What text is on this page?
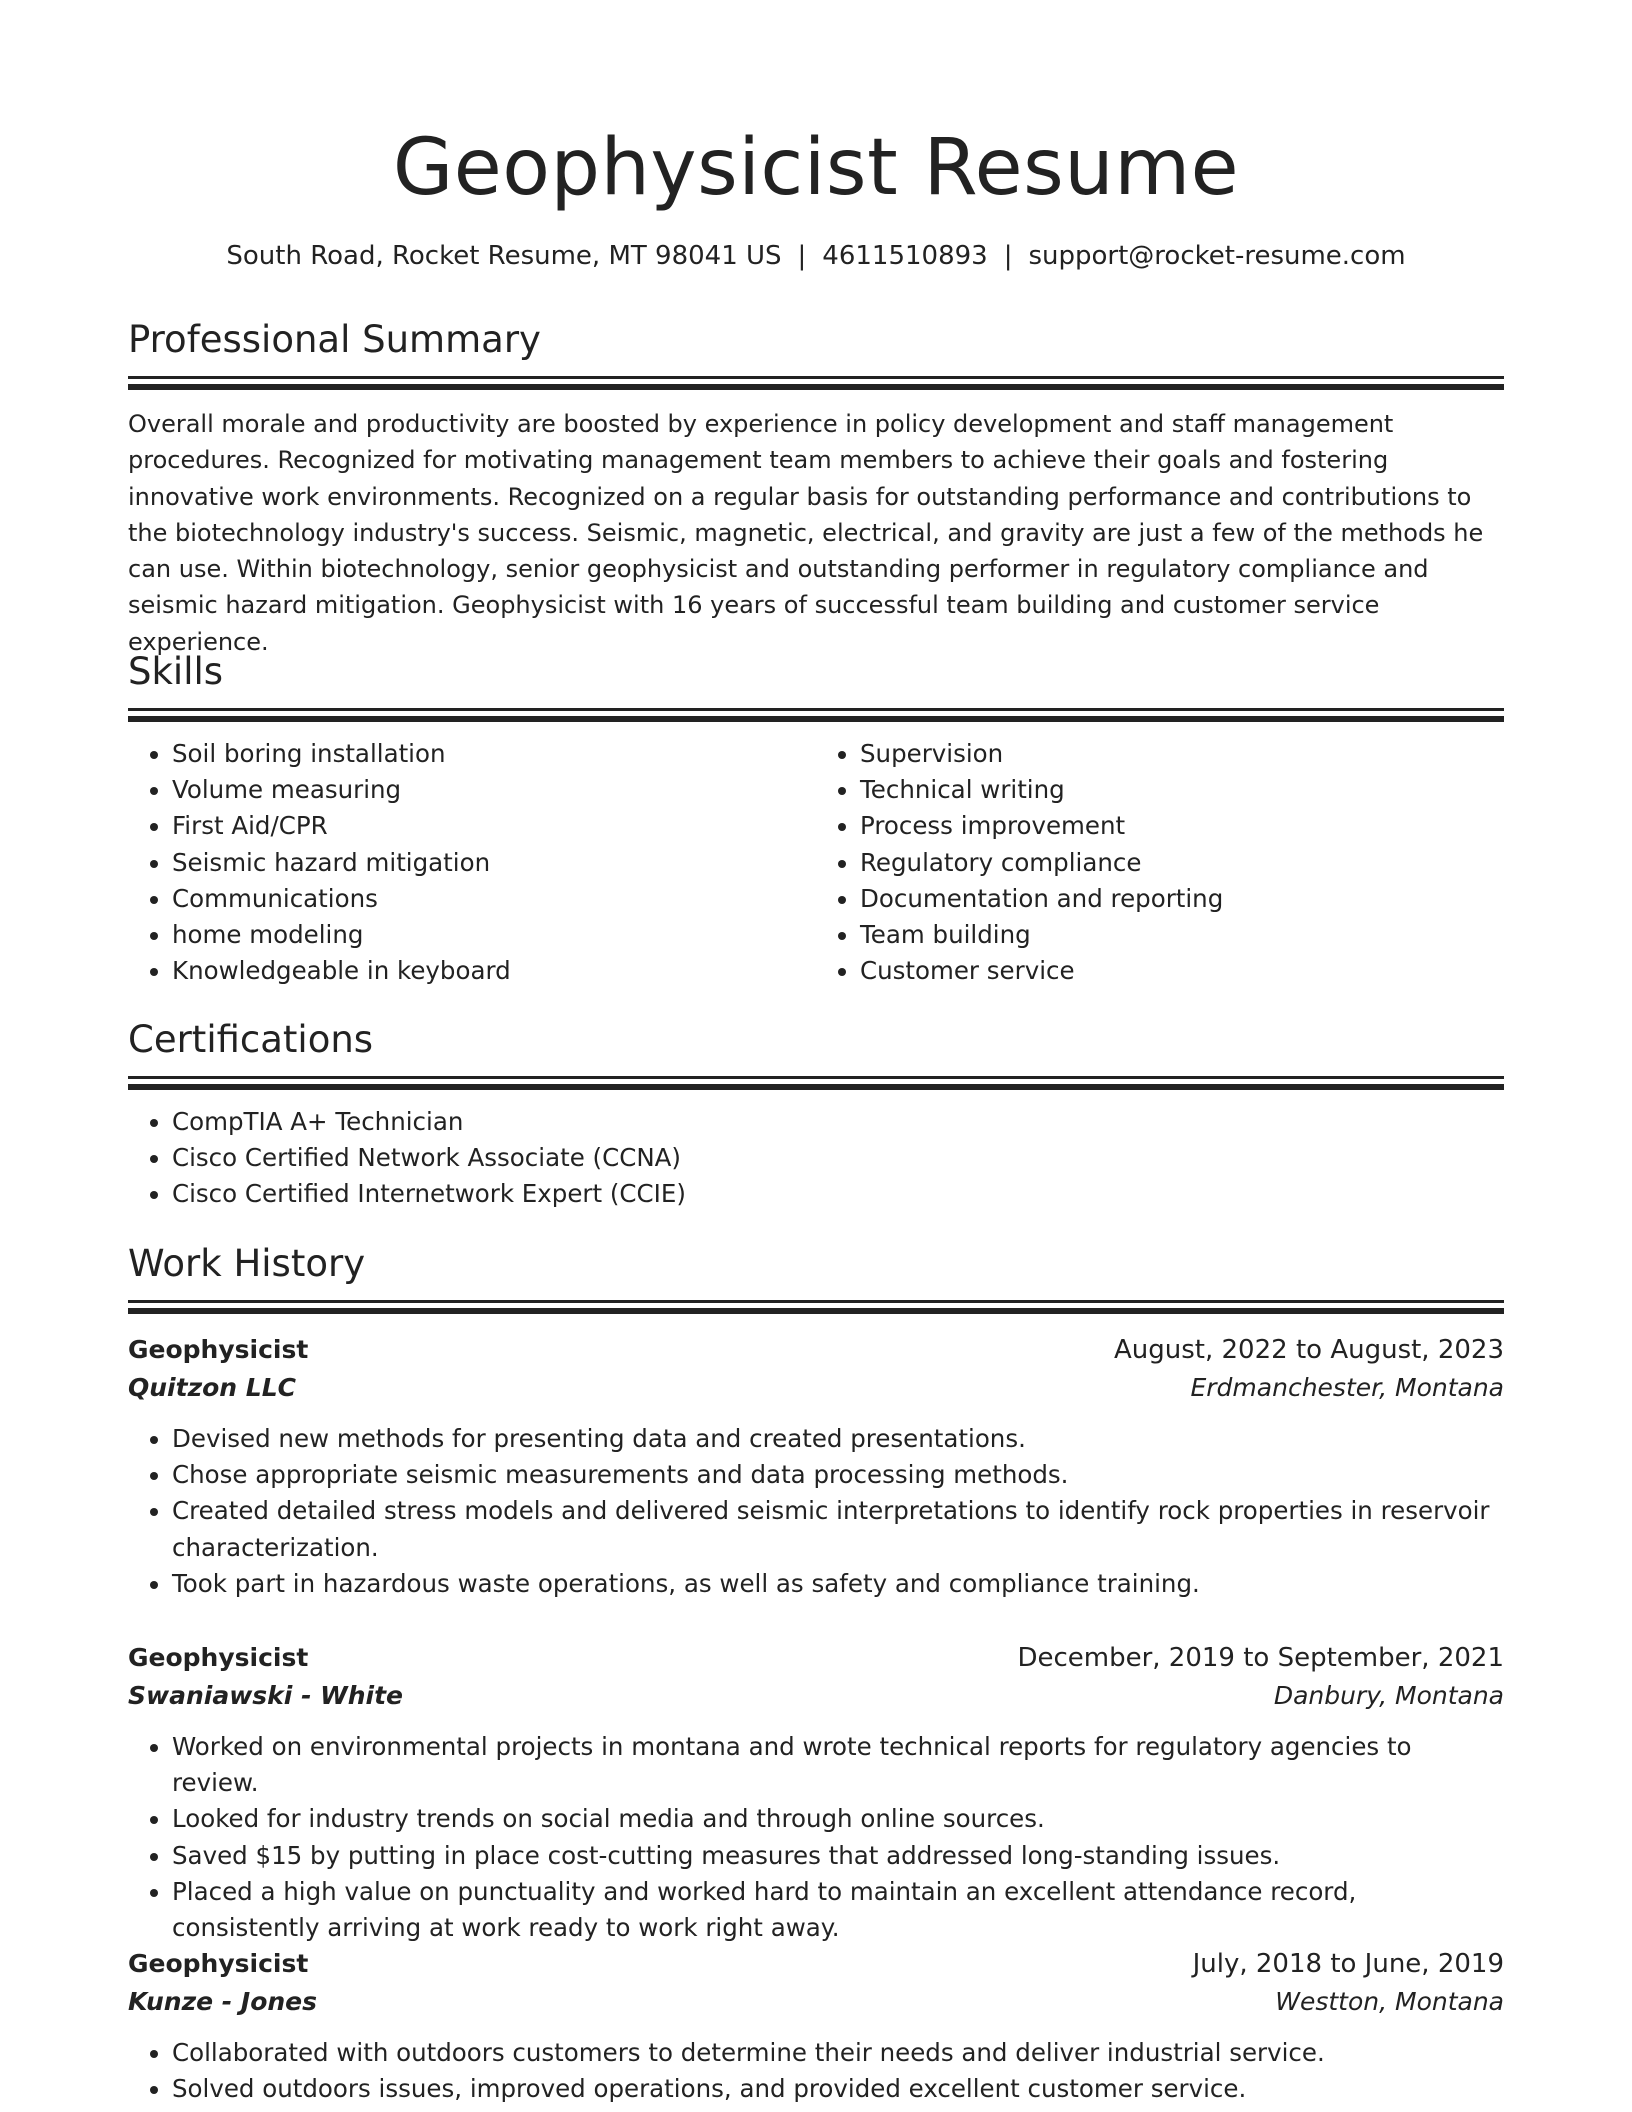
Geophysicist Resume
South Road, Rocket Resume, MT 98041 US | 4611510893 | support@rocket-resume.com
Professional Summary

Overall morale and productivity are boosted by experience in policy development and staff management procedures. Recognized for motivating management team members to achieve their goals and fostering innovative work environments. Recognized on a regular basis for outstanding performance and contributions to the biotechnology industry's success. Seismic, magnetic, electrical, and gravity are just a few of the methods he can use. Within biotechnology, senior geophysicist and outstanding performer in regulatory compliance and seismic hazard mitigation. Geophysicist with 16 years of successful team building and customer service experience.

Skills
• Soil boring installation
• Volume measuring
• First Aid/CPR
• Seismic hazard mitigation
• Communications
• home modeling
• Knowledgeable in keyboard
• Supervision
• Technical writing
• Process improvement
• Regulatory compliance
• Documentation and reporting
• Team building
• Customer service
Certifications
• CompTIA A+ Technician
• Cisco Certified Network Associate (CCNA)
• Cisco Certified Internetwork Expert (CCIE)
Work History
Geophysicist	August, 2022 to August, 2023
Quitzon LLC	Erdmanchester, Montana
• Devised new methods for presenting data and created presentations.
• Chose appropriate seismic measurements and data processing methods.
• Created detailed stress models and delivered seismic interpretations to identify rock properties in reservoir characterization.
• Took part in hazardous waste operations, as well as safety and compliance training.
Geophysicist	December, 2019 to September, 2021
Swaniawski - White	Danbury, Montana
• Worked on environmental projects in montana and wrote technical reports for regulatory agencies to review.
• Looked for industry trends on social media and through online sources.
• Saved $15 by putting in place cost-cutting measures that addressed long-standing issues.
• Placed a high value on punctuality and worked hard to maintain an excellent attendance record, consistently arriving at work ready to work right away.
Geophysicist	July, 2018 to June, 2019
Kunze - Jones	Westton, Montana
• Collaborated with outdoors customers to determine their needs and deliver industrial service.
• Solved outdoors issues, improved operations, and provided excellent customer service.
